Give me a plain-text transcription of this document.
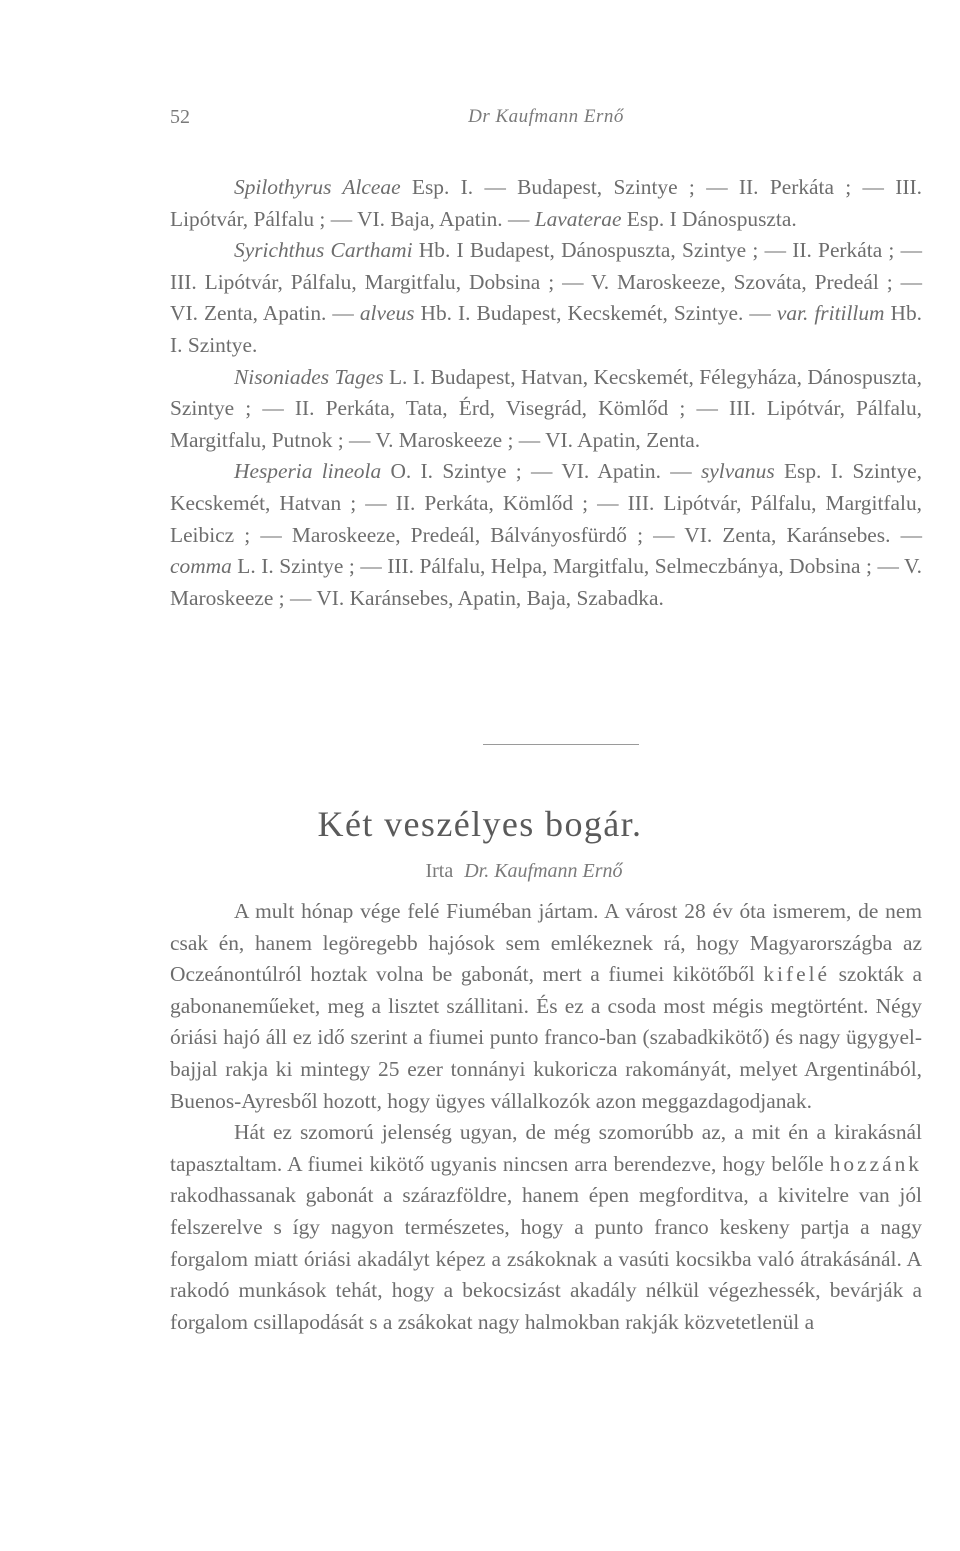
52	Dr Kaufmann Ernő

Spilothyrus Alceae Esp. I. — Budapest, Szintye ; — II. Perkáta ; — III. Lipótvár, Pálfalu ; — VI. Baja, Apatin. — Lavaterae Esp. I Dánospuszta.

Syrichthus Carthami Hb. I Budapest, Dánospuszta, Szintye ; — II. Perkáta ; — III. Lipótvár, Pálfalu, Margitfalu, Dobsina ; — V. Maroskeeze, Szováta, Predeál ; — VI. Zenta, Apatin. — alveus Hb. I. Budapest, Kecskemét, Szintye. — var. fritillum Hb. I. Szintye.

Nisoniades Tages L. I. Budapest, Hatvan, Kecskemét, Félegyháza, Dánospuszta, Szintye ; — II. Perkáta, Tata, Érd, Visegrád, Kömlőd ; — III. Lipótvár, Pálfalu, Margitfalu, Putnok ; — V. Maroskeeze ; — VI. Apatin, Zenta.

Hesperia lineola O. I. Szintye ; — VI. Apatin. — sylvanus Esp. I. Szintye, Kecskemét, Hatvan ; — II. Perkáta, Kömlőd ; — III. Lipótvár, Pálfalu, Margitfalu, Leibicz ; — Maroskeeze, Predeál, Bálványosfürdő ; — VI. Zenta, Karánsebes. — comma L. I. Szintye ; — III. Pálfalu, Helpa, Margitfalu, Selmeczbánya, Dobsina ; — V. Maroskeeze ; — VI. Karánsebes, Apatin, Baja, Szabadka.

Két veszélyes bogár.
Irta Dr. Kaufmann Ernő

A mult hónap vége felé Fiuméban jártam. A várost 28 év óta ismerem, de nem csak én, hanem legöregebb hajósok sem emlékeznek rá, hogy Magyarországba az Oczeánontúlról hoztak volna be gabonát, mert a fiumei kikötőből kifelé szokták a gabonaneműeket, meg a lisztet szállitani. És ez a csoda most mégis megtörtént. Négy óriási hajó áll ez idő szerint a fiumei punto franco-ban (szabadkikötő) és nagy ügygyel-bajjal rakja ki mintegy 25 ezer tonnányi kukoricza rakományát, melyet Argentinából, Buenos-Ayresből hozott, hogy ügyes vállalkozók azon meggazdagodjanak.

Hát ez szomorú jelenség ugyan, de még szomorúbb az, a mit én a kirakásnál tapasztaltam. A fiumei kikötő ugyanis nincsen arra berendezve, hogy belőle hozzánk rakodhassanak gabonát a szárazföldre, hanem épen megforditva, a kivitelre van jól felszerelve s így nagyon természetes, hogy a punto franco keskeny partja a nagy forgalom miatt óriási akadályt képez a zsákoknak a vasúti kocsikba való átrakásánál. A rakodó munkások tehát, hogy a bekocsizást akadály nélkül végezhessék, bevárják a forgalom csillapodását s a zsákokat nagy halmokban rakják közvetetlenül a
